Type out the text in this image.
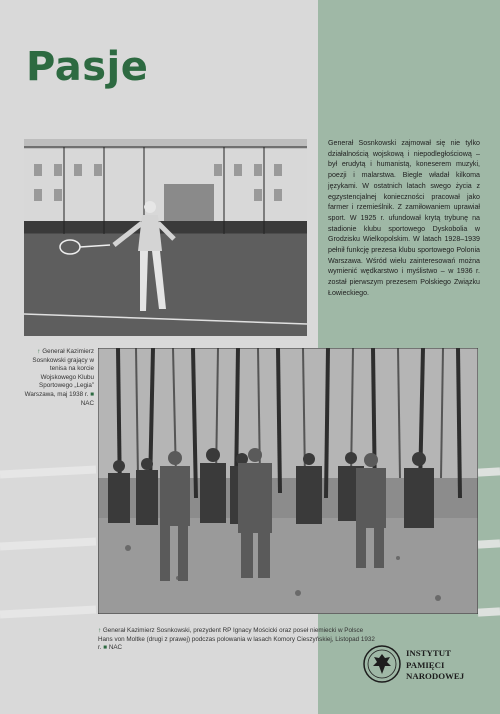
Pasje

Generał Sosnkowski zajmował się nie tylko działalnością wojskową i niepodległościową – był erudytą i humanistą, koneserem muzyki, poezji i malarstwa. Biegle władał kilkoma językami. W ostatnich latach swego życia z egzystencjalnej konieczności pracował jako farmer i rzemieślnik. Z zamiłowaniem uprawiał sport. W 1925 r. ufundował krytą trybunę na stadionie klubu sportowego Dyskobolia w Grodzisku Wielkopolskim. W latach 1928–1939 pełnił funkcję prezesa klubu sportowego Polonia Warszawa. Wśród wielu zainteresowań można wymienić wędkarstwo i myślistwo – w 1936 r. został pierwszym prezesem Polskiego Związku Łowieckiego.

↑ Generał Kazimierz Sosnkowski grający w tenisa na korcie Wojskowego Klubu Sportowego „Legia” Warszawa, maj 1938 r. ■ NAC

↑ Generał Kazimierz Sosnkowski, prezydent RP Ignacy Mościcki oraz poseł niemiecki w Polsce Hans von Moltke (drugi z prawej) podczas polowania w lasach Komory Cieszyńskiej, Listopad 1932 r. ■ NAC

INSTYTUT
PAMIĘCI
NARODOWEJ
